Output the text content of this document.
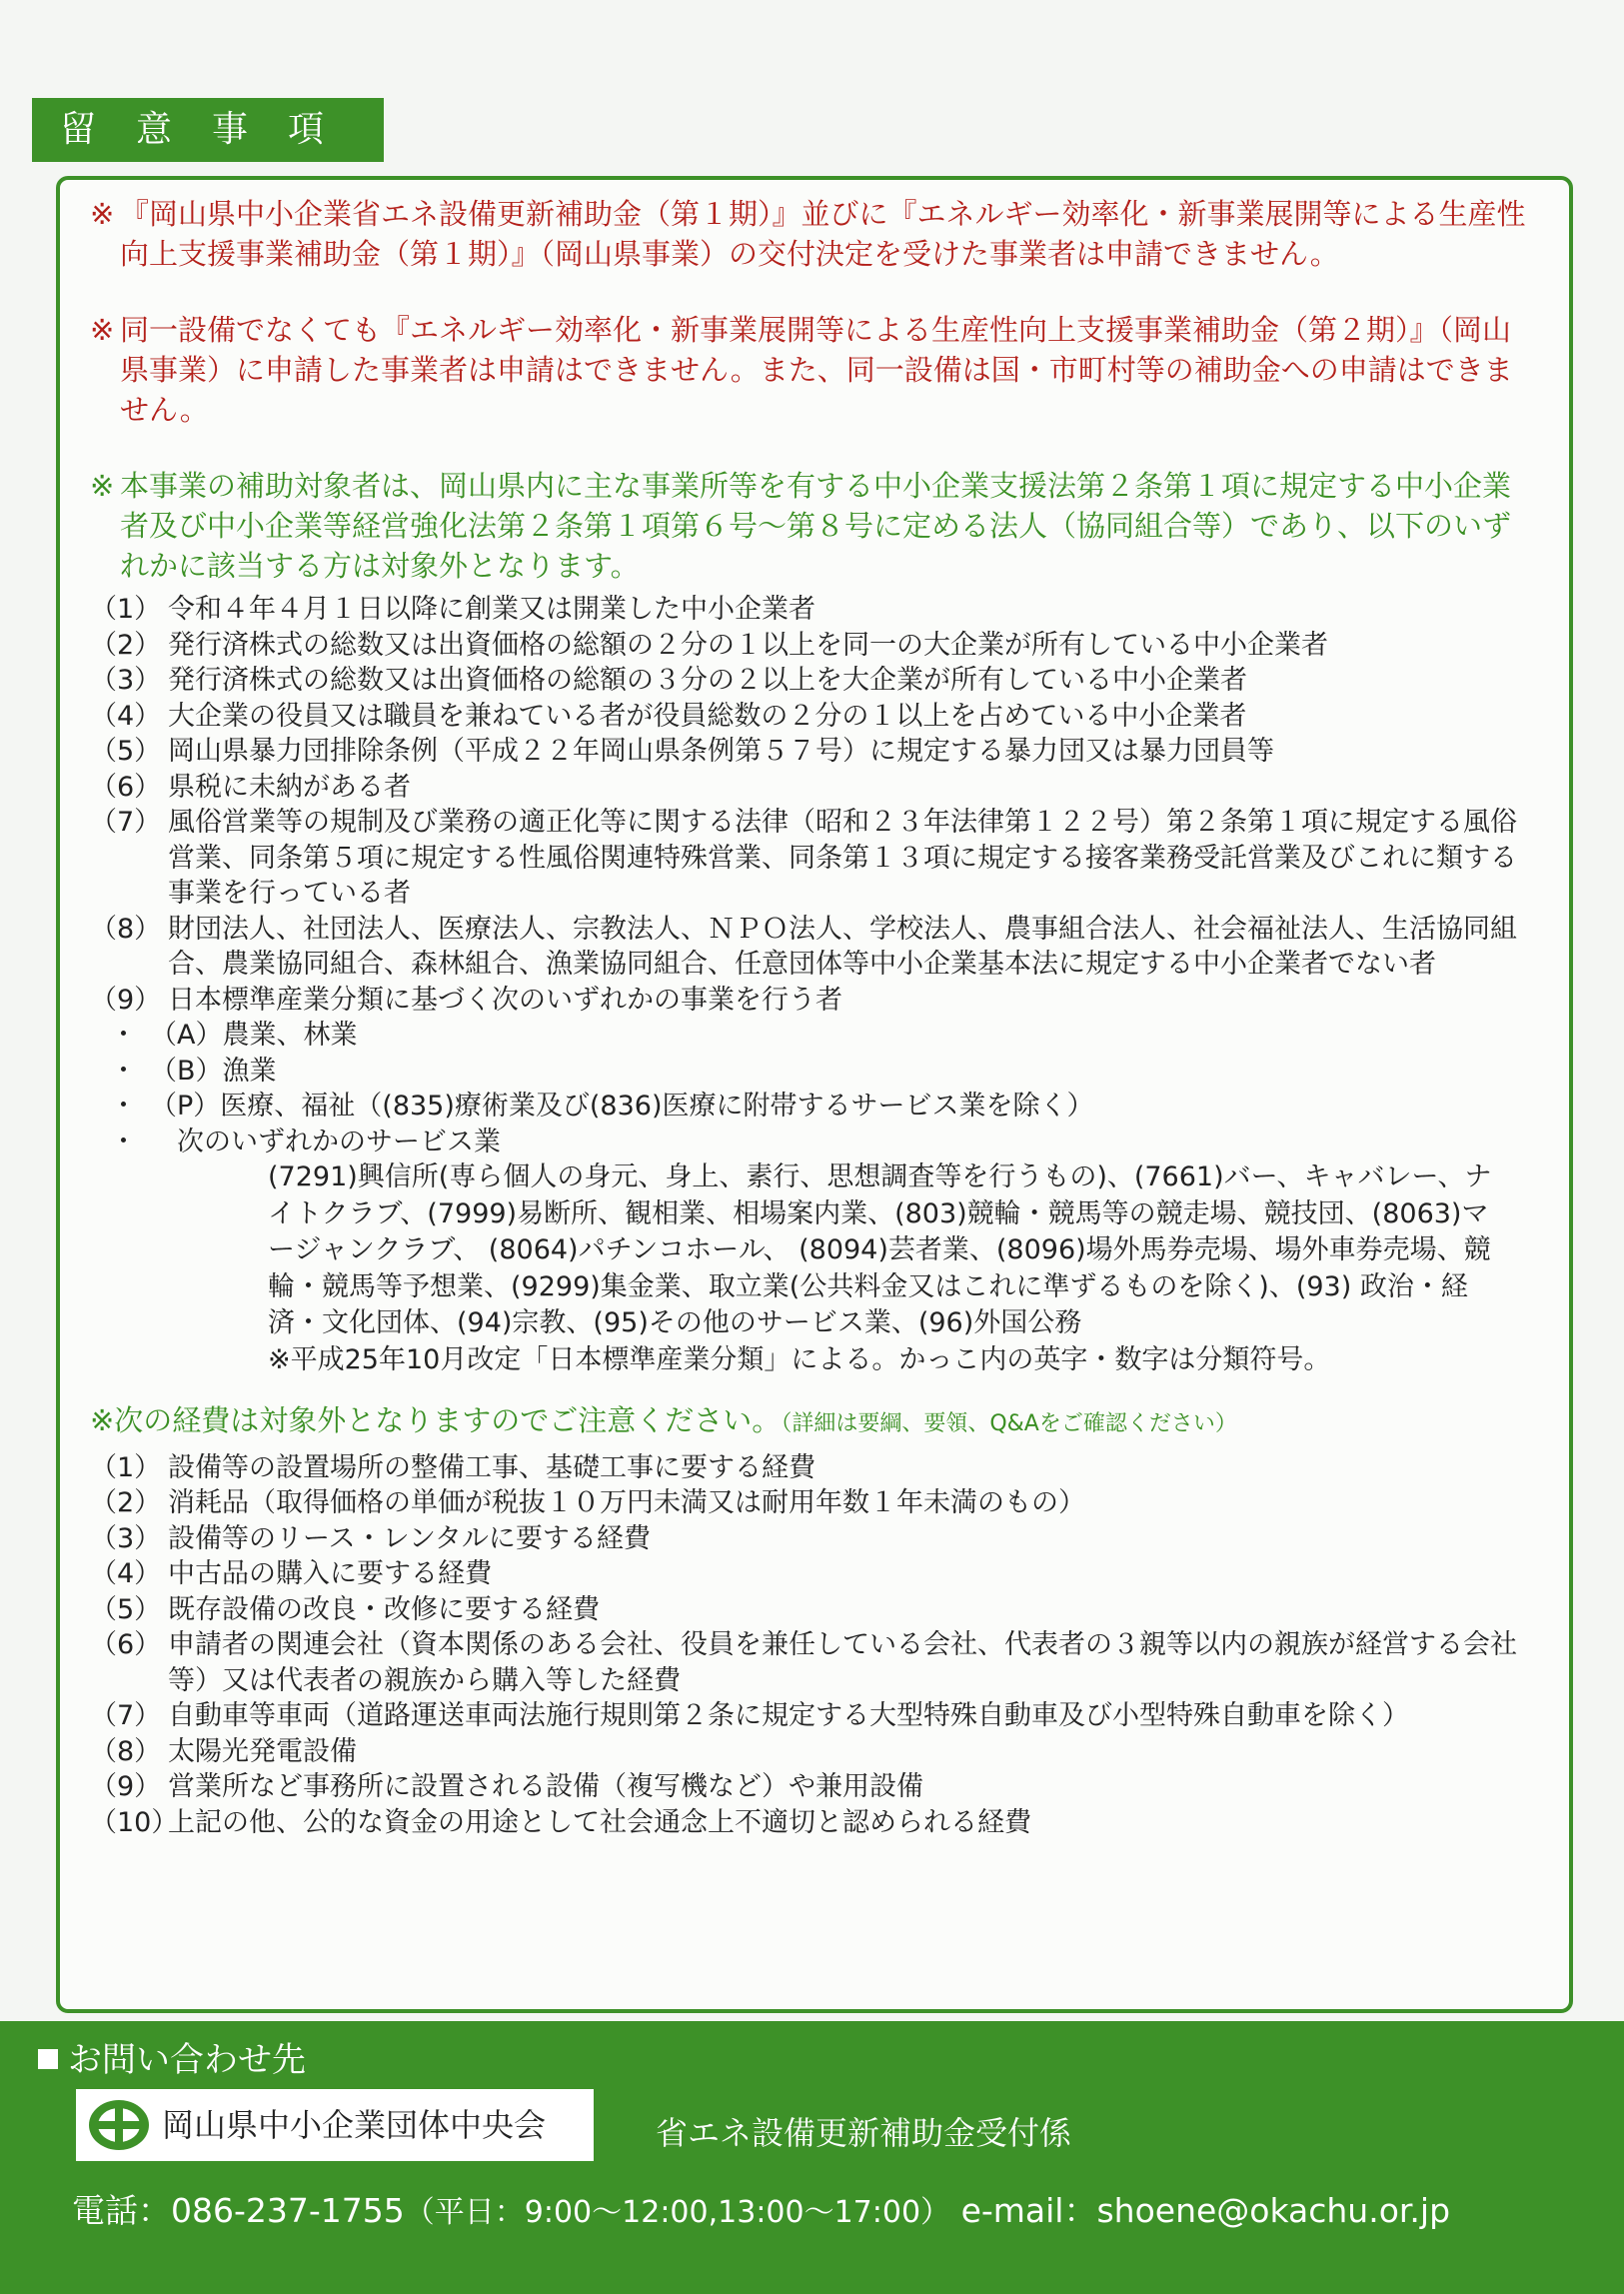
留意事項
※ 『岡山県中小企業省エネ設備更新補助金（第１期）』並びに『エネルギー効率化・新事業展開等による生産性向上支援事業補助金（第１期）』（岡山県事業）の交付決定を受けた事業者は申請できません。
※ 同一設備でなくても『エネルギー効率化・新事業展開等による生産性向上支援事業補助金（第２期）』（岡山県事業）に申請した事業者は申請はできません。また、同一設備は国・市町村等の補助金への申請はできません。
※ 本事業の補助対象者は、岡山県内に主な事業所等を有する中小企業支援法第２条第１項に規定する中小企業者及び中小企業等経営強化法第２条第１項第６号〜第８号に定める法人（協同組合等）であり、以下のいずれかに該当する方は対象外となります。
（1） 令和４年４月１日以降に創業又は開業した中小企業者
（2） 発行済株式の総数又は出資価格の総額の２分の１以上を同一の大企業が所有している中小企業者
（3） 発行済株式の総数又は出資価格の総額の３分の２以上を大企業が所有している中小企業者
（4） 大企業の役員又は職員を兼ねている者が役員総数の２分の１以上を占めている中小企業者
（5） 岡山県暴力団排除条例（平成２２年岡山県条例第５７号）に規定する暴力団又は暴力団員等
（6） 県税に未納がある者
（7） 風俗営業等の規制及び業務の適正化等に関する法律（昭和２３年法律第１２２号）第２条第１項に規定する風俗営業、同条第５項に規定する性風俗関連特殊営業、同条第１３項に規定する接客業務受託営業及びこれに類する事業を行っている者
（8） 財団法人、社団法人、医療法人、宗教法人、ＮＰＯ法人、学校法人、農事組合法人、社会福祉法人、生活協同組合、農業協同組合、森林組合、漁業協同組合、任意団体等中小企業基本法に規定する中小企業者でない者
（9） 日本標準産業分類に基づく次のいずれかの事業を行う者
・ （A）農業、林業
・ （B）漁業
・ （P）医療、福祉（(835)療術業及び(836)医療に附帯するサービス業を除く）
・ 　次のいずれかのサービス業
(7291)興信所(専ら個人の身元、身上、素行、思想調査等を行うもの)、(7661)バー、キャバレー、ナイトクラブ、(7999)易断所、観相業、相場案内業、(803)競輪・競馬等の競走場、競技団、(8063)マージャンクラブ、 (8064)パチンコホール、 (8094)芸者業、(8096)場外馬券売場、場外車券売場、競輪・競馬等予想業、(9299)集金業、取立業(公共料金又はこれに準ずるものを除く)、(93) 政治・経済・文化団体、(94)宗教、(95)その他のサービス業、(96)外国公務
※平成25年10月改定「日本標準産業分類」による。かっこ内の英字・数字は分類符号。
※次の経費は対象外となりますのでご注意ください。（詳細は要綱、要領、Q&Aをご確認ください）
（1） 設備等の設置場所の整備工事、基礎工事に要する経費
（2） 消耗品（取得価格の単価が税抜１０万円未満又は耐用年数１年未満のもの）
（3） 設備等のリース・レンタルに要する経費
（4） 中古品の購入に要する経費
（5） 既存設備の改良・改修に要する経費
（6） 申請者の関連会社（資本関係のある会社、役員を兼任している会社、代表者の３親等以内の親族が経営する会社等）又は代表者の親族から購入等した経費
（7） 自動車等車両（道路運送車両法施行規則第２条に規定する大型特殊自動車及び小型特殊自動車を除く）
（8） 太陽光発電設備
（9） 営業所など事務所に設置される設備（複写機など）や兼用設備
（10）
上記の他、公的な資金の用途として社会通念上不適切と認められる経費
お問い合わせ先
岡山県中小企業団体中央会	省エネ設備更新補助金受付係
電話：086-237-1755（平日：9:00〜12:00,13:00〜17:00） e-mail：shoene@okachu.or.jp
